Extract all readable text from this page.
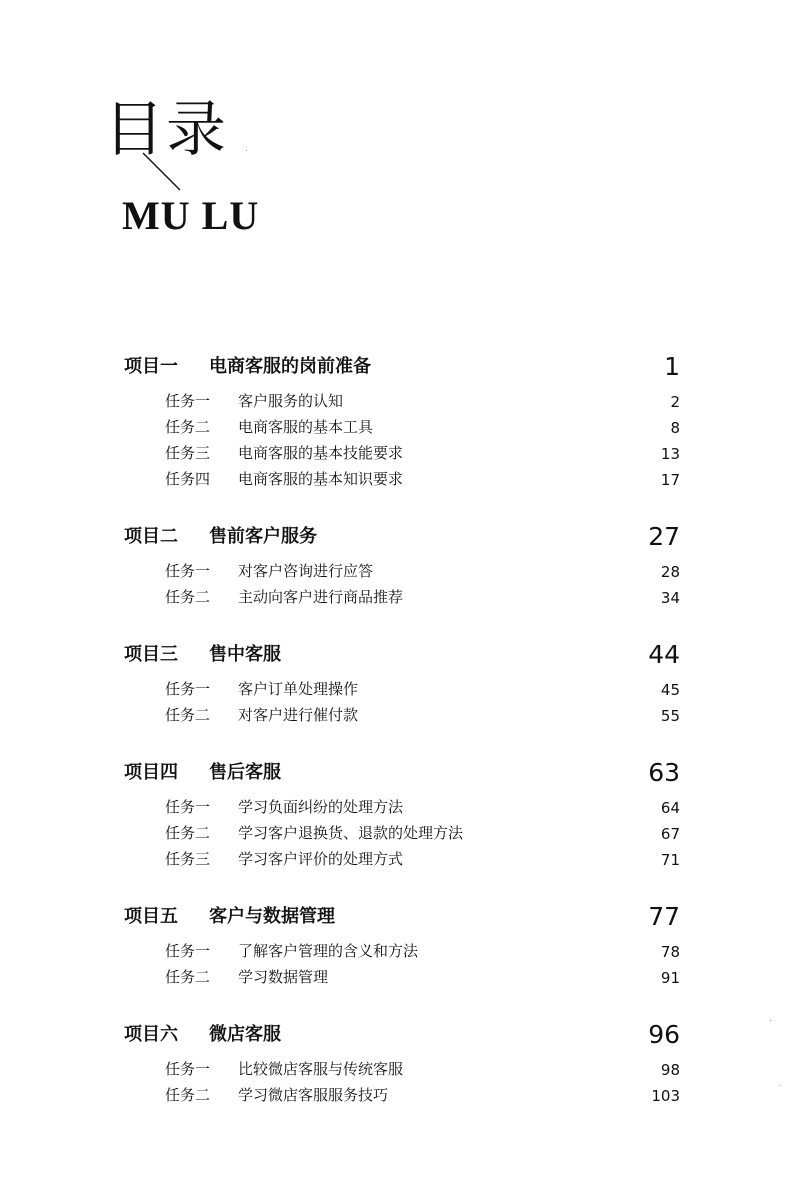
目录
MU LU
项目一 电商客服的岗前准备	1
任务一 客户服务的认知	2
任务二 电商客服的基本工具	8
任务三 电商客服的基本技能要求	13
任务四 电商客服的基本知识要求	17
项目二 售前客户服务	27
任务一 对客户咨询进行应答	28
任务二 主动向客户进行商品推荐	34
项目三 售中客服	44
任务一 客户订单处理操作	45
任务二 对客户进行催付款	55
项目四 售后客服	63
任务一 学习负面纠纷的处理方法	64
任务二 学习客户退换货、退款的处理方法	67
任务三 学习客户评价的处理方式	71
项目五 客户与数据管理	77
任务一 了解客户管理的含义和方法	78
任务二 学习数据管理	91
项目六 微店客服	96
任务一 比较微店客服与传统客服	98
任务二 学习微店客服服务技巧	103
